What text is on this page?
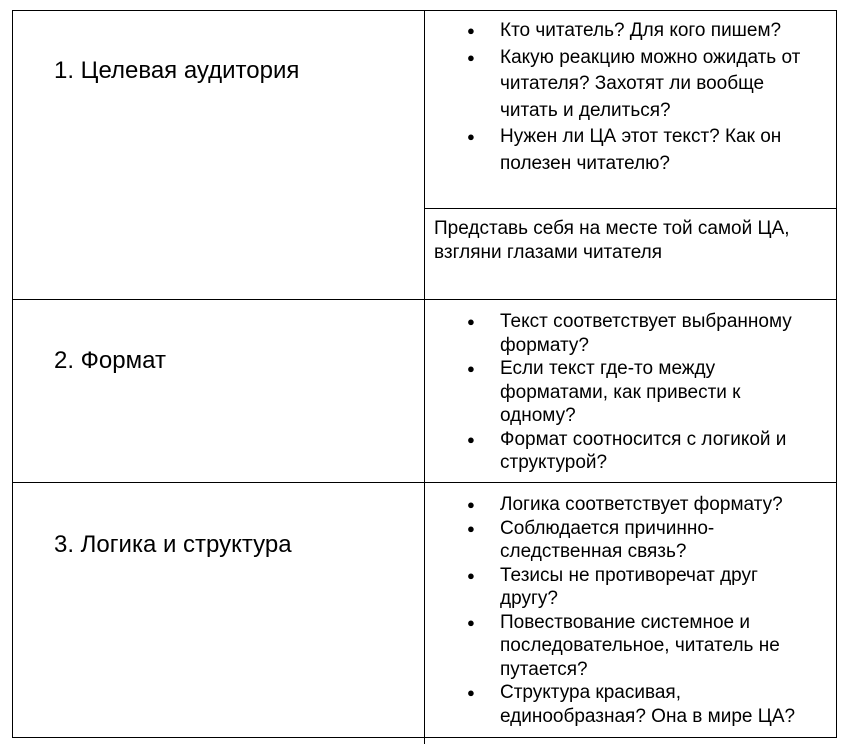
1. Целевая аудитория
● Кто читатель? Для кого пишем?
● Какую реакцию можно ожидать от читателя? Захотят ли вообще читать и делиться?
● Нужен ли ЦА этот текст? Как он полезен читателю?
Представь себя на месте той самой ЦА, взгляни глазами читателя
2. Формат
● Текст соответствует выбранному формату?
● Если текст где-то между форматами, как привести к одному?
● Формат соотносится с логикой и структурой?
3. Логика и структура
● Логика соответствует формату?
● Соблюдается причинно-следственная связь?
● Тезисы не противоречат друг другу?
● Повествование системное и последовательное, читатель не путается?
● Структура красивая, единообразная? Она в мире ЦА?
